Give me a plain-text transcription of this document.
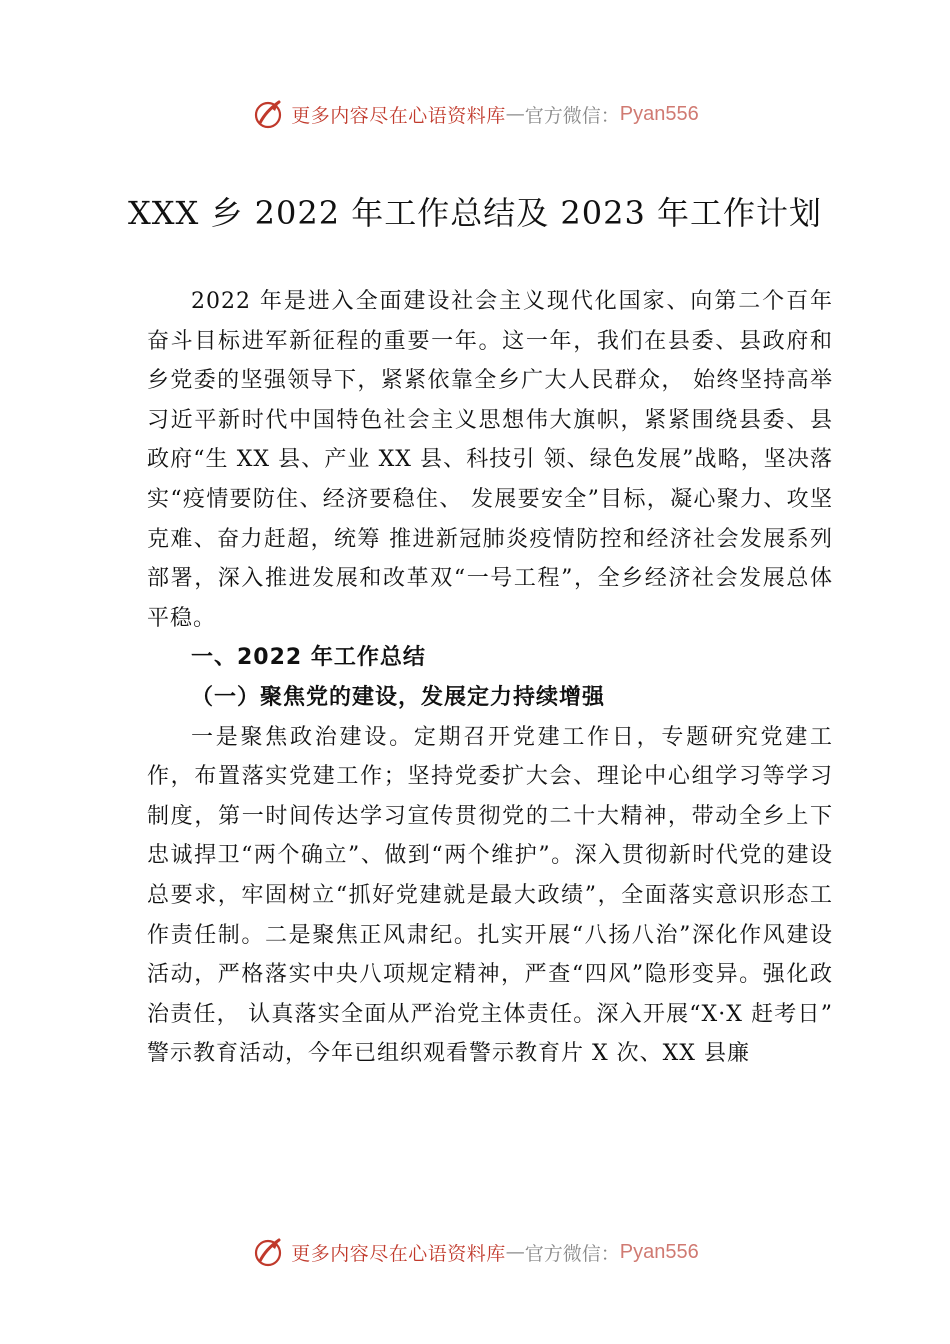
更多内容尽在心语资料库 — 官方微信： Pyan556
XXX 乡 2022 年工作总结及 2023 年工作计划

2022 年是进入全面建设社会主义现代化国家、向第二个百年奋斗目标进军新征程的重要一年。这一年，我们在县委、县政府和乡党委的坚强领导下，紧紧依靠全乡广大人民群众， 始终坚持高举习近平新时代中国特色社会主义思想伟大旗帜，紧紧围绕县委、县政府“生 XX 县、产业 XX 县、科技引 领、绿色发展”战略，坚决落实“疫情要防住、经济要稳住、 发展要安全”目标，凝心聚力、攻坚克难、奋力赶超，统筹 推进新冠肺炎疫情防控和经济社会发展系列部署，深入推进发展和改革双“一号工程”，全乡经济社会发展总体平稳。

一、2022 年工作总结
（一）聚焦党的建设，发展定力持续增强

一是聚焦政治建设。定期召开党建工作日，专题研究党建工作，布置落实党建工作；坚持党委扩大会、理论中心组学习等学习制度，第一时间传达学习宣传贯彻党的二十大精神，带动全乡上下忠诚捍卫“两个确立”、做到“两个维护”。深入贯彻新时代党的建设总要求，牢固树立“抓好党建就是最大政绩”，全面落实意识形态工作责任制。二是聚焦正风肃纪。扎实开展“八扬八治”深化作风建设活动，严格落实中央八项规定精神，严查“四风”隐形变异。强化政治责任， 认真落实全面从严治党主体责任。深入开展“X·X 赶考日” 警示教育活动，今年已组织观看警示教育片 X 次、XX 县廉

更多内容尽在心语资料库 — 官方微信： Pyan556
